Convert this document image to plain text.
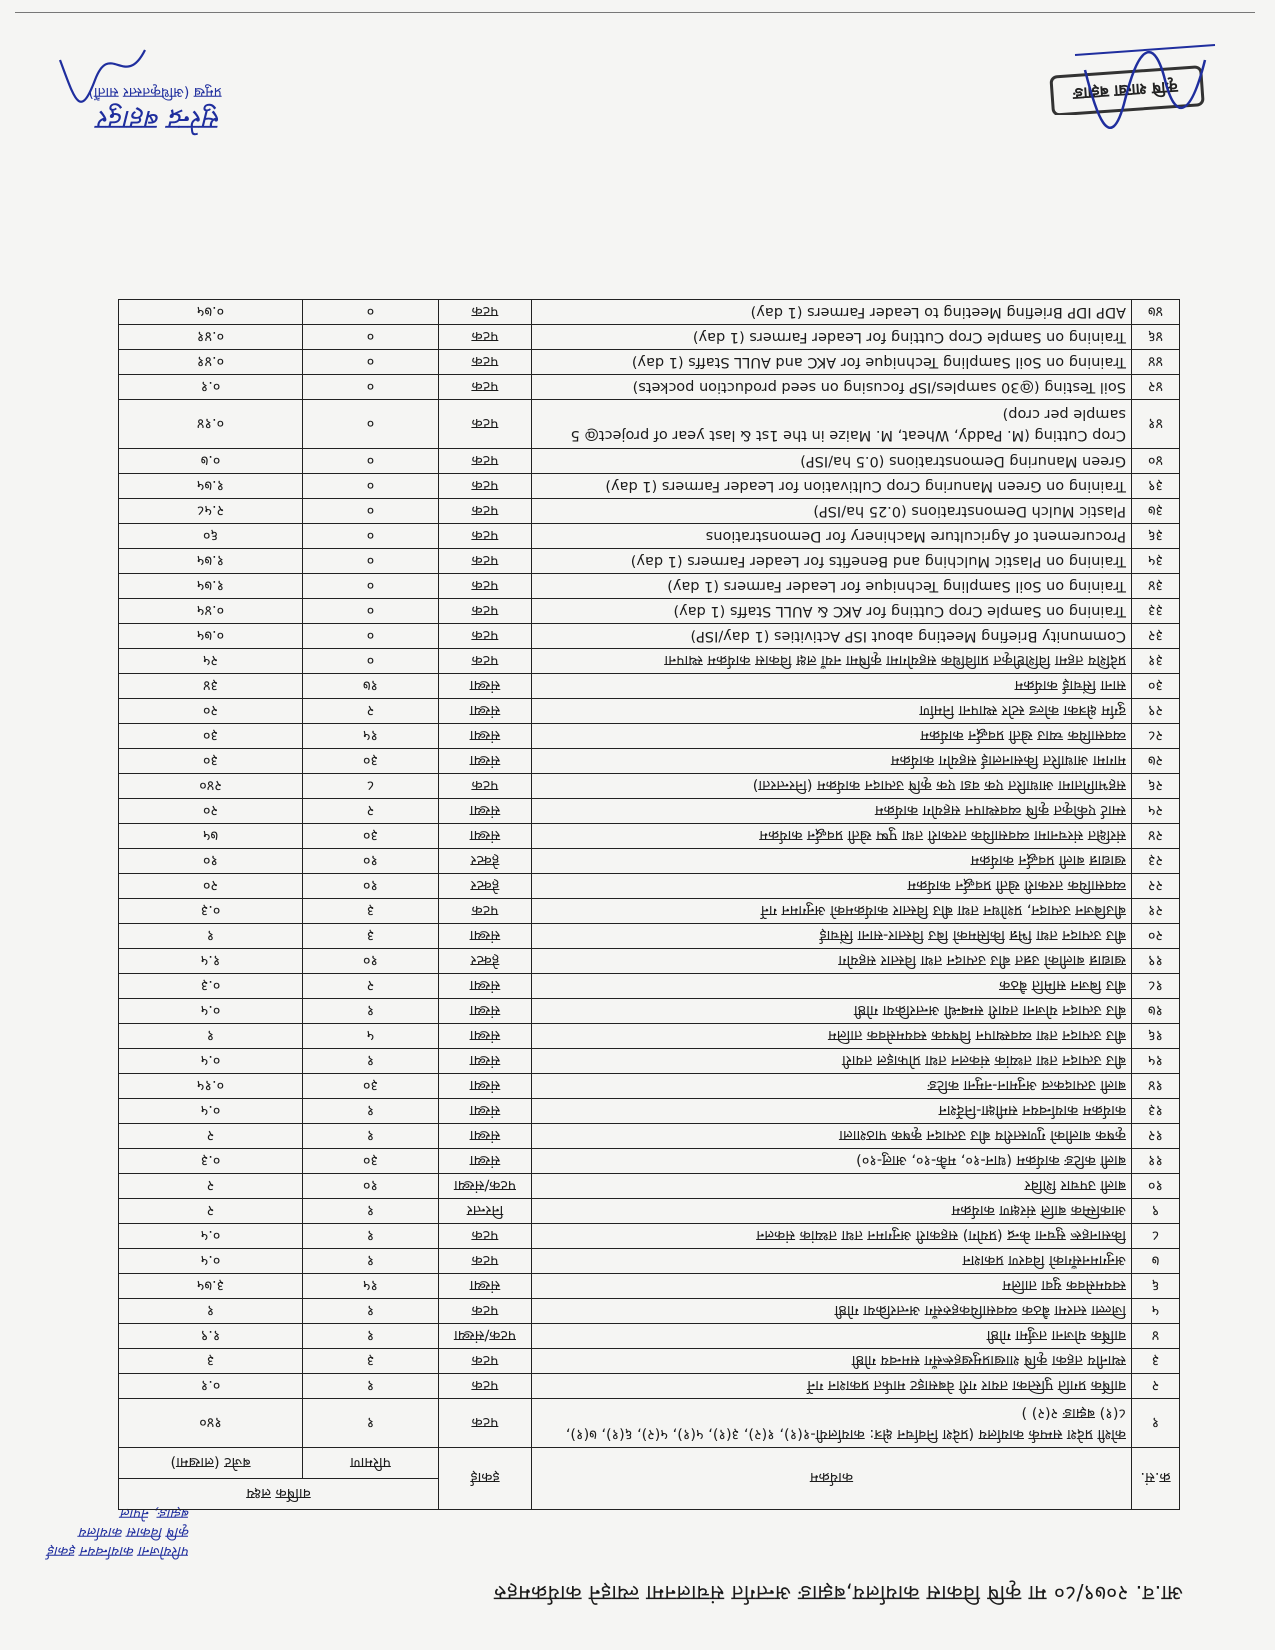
आ.व. २०७९/८० मा कृषि विकास कार्यालय,बझाङ अन्तर्गत संचालनमा ल्याइने कार्यक्रमहरु
परियोजना कार्यान्वयन इकाई
कृषि विकास कार्यालय
बझाङ, नेपाल
क्र.सं.	कार्यक्रम	इकाई	वार्षिक लक्ष्य	
			परिमाण	बजेट (लाखमा)
१	कोशी प्रदेश सम्पर्क कार्यालय (प्रदेश निर्वाचन क्षेत्र: कार्यालयी-१(१), १(२), ३(१), ५(१), ५(२), ६(१), ७(१), ८(१) बझाङ २(२) )	पटक	१	१४०
२	वार्षिक प्रगति पुस्तिका तयार गरी वेबसाइट मार्फत प्रकाशन गर्ने	पटक	१	०.१
३	स्थानीय तहका कृषि शाखाप्रमुखहरूसँग समन्वय गोष्ठी	पटक	३	३
४	वार्षिक योजना तर्जुमा गोष्ठी	पटक/संख्या	१	१.९
५	जिल्ला स्तरमा बैठक व्यवसायिकहरुसँग अन्तरक्रिया गोष्ठी	पटक	१	१
६	स्वयमसेवक युवा तालिम	संख्या	१५	३.७५
७	अनुगमनसँगको विवरण प्रकाशन	पटक	१	०.५
८	किसानहरू सुचना केन्द्र (प्रयोग) सहकारी अनुगमन तथा तथ्यांक संकलन	पटक	१	०.५
९	आकस्मिक बालि संरक्षण कार्यक्रम	निरन्तर	१	२
१०	बाली उपचार शिविर	पटक/संख्या	१०	२
११	बाली कटिङ कार्यक्रम (धान-१०, मकै-१०, आलु-१०)	संख्या	३०	०.३
१२	कृषक बालीको गुणस्तरीय बीउ उत्पादन कृषक पाठशाला	संख्या	१	२
१३	कार्यक्रम कार्यान्वयन समीक्षा-निर्देशन	संख्या	१	०.५
१४	बाली उत्पादकत्व अनुमान-नमुना कटिङ	संख्या	३०	०.१५
१५	बीउ उत्पादन तथा तथ्यांक संकलन तथा प्रोफाइल तयारी	संख्या	१	०.५
१६	बीउ उत्पादन तथा व्यवस्थापन विषयक स्वयमसेवक तालिम	संख्या	५	१
१७	बीउ उत्पादन योजना तयारी सम्बन्धी अन्तरक्रिया गोष्ठी	संख्या	१	०.५
१८	बीउ बिजन समिति बैठक	संख्या	२	०.३
१९	खाद्यान्न बालीको उन्नत बीउ उत्पादन तथा विस्तार सहयोग	हेक्टर	१०	१.५
२०	बीउ उत्पादन तथा भिन्न किसिमको बिउ विस्तार-साना सिंचाई	संख्या	३	१
२१	बीउबिजन उत्पादन, प्रशोधन तथा बीउ विस्तार कार्यक्रमको अनुगमन गर्ने	पटक	३	०.३
२२	व्यवसायिक तरकारी खेती प्रवर्द्धन कार्यक्रम	हेक्टर	१०	२०
२३	खाद्यान्न बाली प्रवर्द्धन कार्यक्रम	हेक्टर	१०	१०
२४	संरक्षित संरचनामा व्यवसायिक तरकारी तथा पुष्प खेती प्रवर्द्धन कार्यक्रम	संख्या	३०	७५
२५	स्मार्ट एकीकृत कृषि व्यवस्थापन सहयोग कार्यक्रम	संख्या	२	२०
२६	सहभागितामा आधारित एक वडा एक कृषि उत्पादन कार्यक्रम (निरन्तरता)	पटक	८	२४०
२७	मागमा आधारित किसानलाई सहयोग कार्यक्रम	संख्या	३०	३०
२८	व्यवसायिक च्याउ खेती प्रवर्द्धन कार्यक्रम	संख्या	१५	३०
२९	दुर्गम क्षेत्रका कोल्ड स्टोर स्थापना निर्माण	संख्या	२	२०
३०	साना सिंचाई कार्यक्रम	संख्या	१७	३४
३१	प्रदेशिय तहमा विशिष्टीकृत प्राविधिक सहयोगमा कृषिमा नयाँ लक्ष विकास कार्यक्रम स्थापना	पटक	०	२५
३२	Community Briefing Meeting about ISP Activities (1 day/ISP)	पटक	०	०.७५
३३	Training on Sample Crop Cutting for AKC & AULL Staffs (1 day)	पटक	०	०.४५
३४	Training on Soil Sampling Technique for Leader Farmers (1 day)	पटक	०	१.७५
३५	Training on Plastic Mulching and Benefits for Leader Farmers (1 day)	पटक	०	१.७५
३६	Procurement of Agriculture Machinery for Demonstrations	पटक	०	६०
३७	Plastic Mulch Demonstrations (0.25 ha/ISP)	पटक	०	२.५८
३९	Training on Green Manuring Crop Cultivation for Leader Farmers (1 day)	पटक	०	१.७५
४०	Green Manuring Demonstrations (0.5 ha/ISP)	पटक	०	०.७
४१	Crop Cutting (M. Paddy, Wheat, M. Maize in the 1st & last year of project@ 5 sample per crop)	पटक	०	०.१४
४२	Soil Testing (@30 samples/ISP focusing on seed production pockets)	पटक	०	०.१
४४	Training on Soil Sampling Technique for AKC and AULL Staffs (1 day)	पटक	०	०.४१
४६	Training on Sample Crop Cutting for Leader Farmers (1 day)	पटक	०	०.४१
४७	ADP IDP Briefing Meeting to Leader Farmers (1 day)	पटक	०	०.७५
कृषि शाखा बझाङ
सुरेन्द्र बहादुर
प्रमुख (अधिकृतस्तर सातौं)
